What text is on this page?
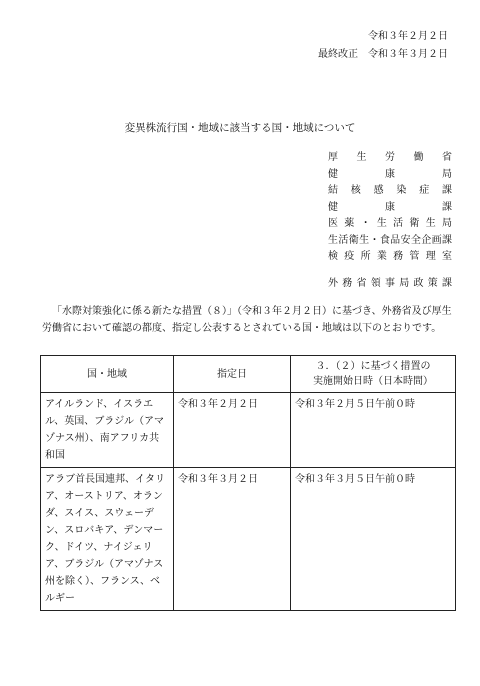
令和３年２月２日
最終改正　令和３年３月２日
変異株流行国・地域に該当する国・地域について
厚　生　労　働　省
健　　康　　局
結　核　感　染　症　課
健　　康　　課
医薬・生活衛生局
生活衛生・食品安全企画課
検疫所業務管理室
外務省領事局政策課

「水際対策強化に係る新たな措置（８）」（令和３年２月２日）に基づき、外務省及び厚生労働省において確認の都度、指定し公表するとされている国・地域は以下のとおりです。

国・地域	指定日	３．（２）に基づく措置の
実施開始日時（日本時間）

アイルランド、イスラエル、英国、ブラジル（アマゾナス州）、南アフリカ共和国	令和３年２月２日	令和３年２月５日午前０時
アラブ首長国連邦、イタリア、オーストリア、オランダ、スイス、スウェーデン、スロバキア、デンマーク、ドイツ、ナイジェリア、ブラジル（アマゾナス州を除く）、フランス、ベルギー	令和３年３月２日	令和３年３月５日午前０時
